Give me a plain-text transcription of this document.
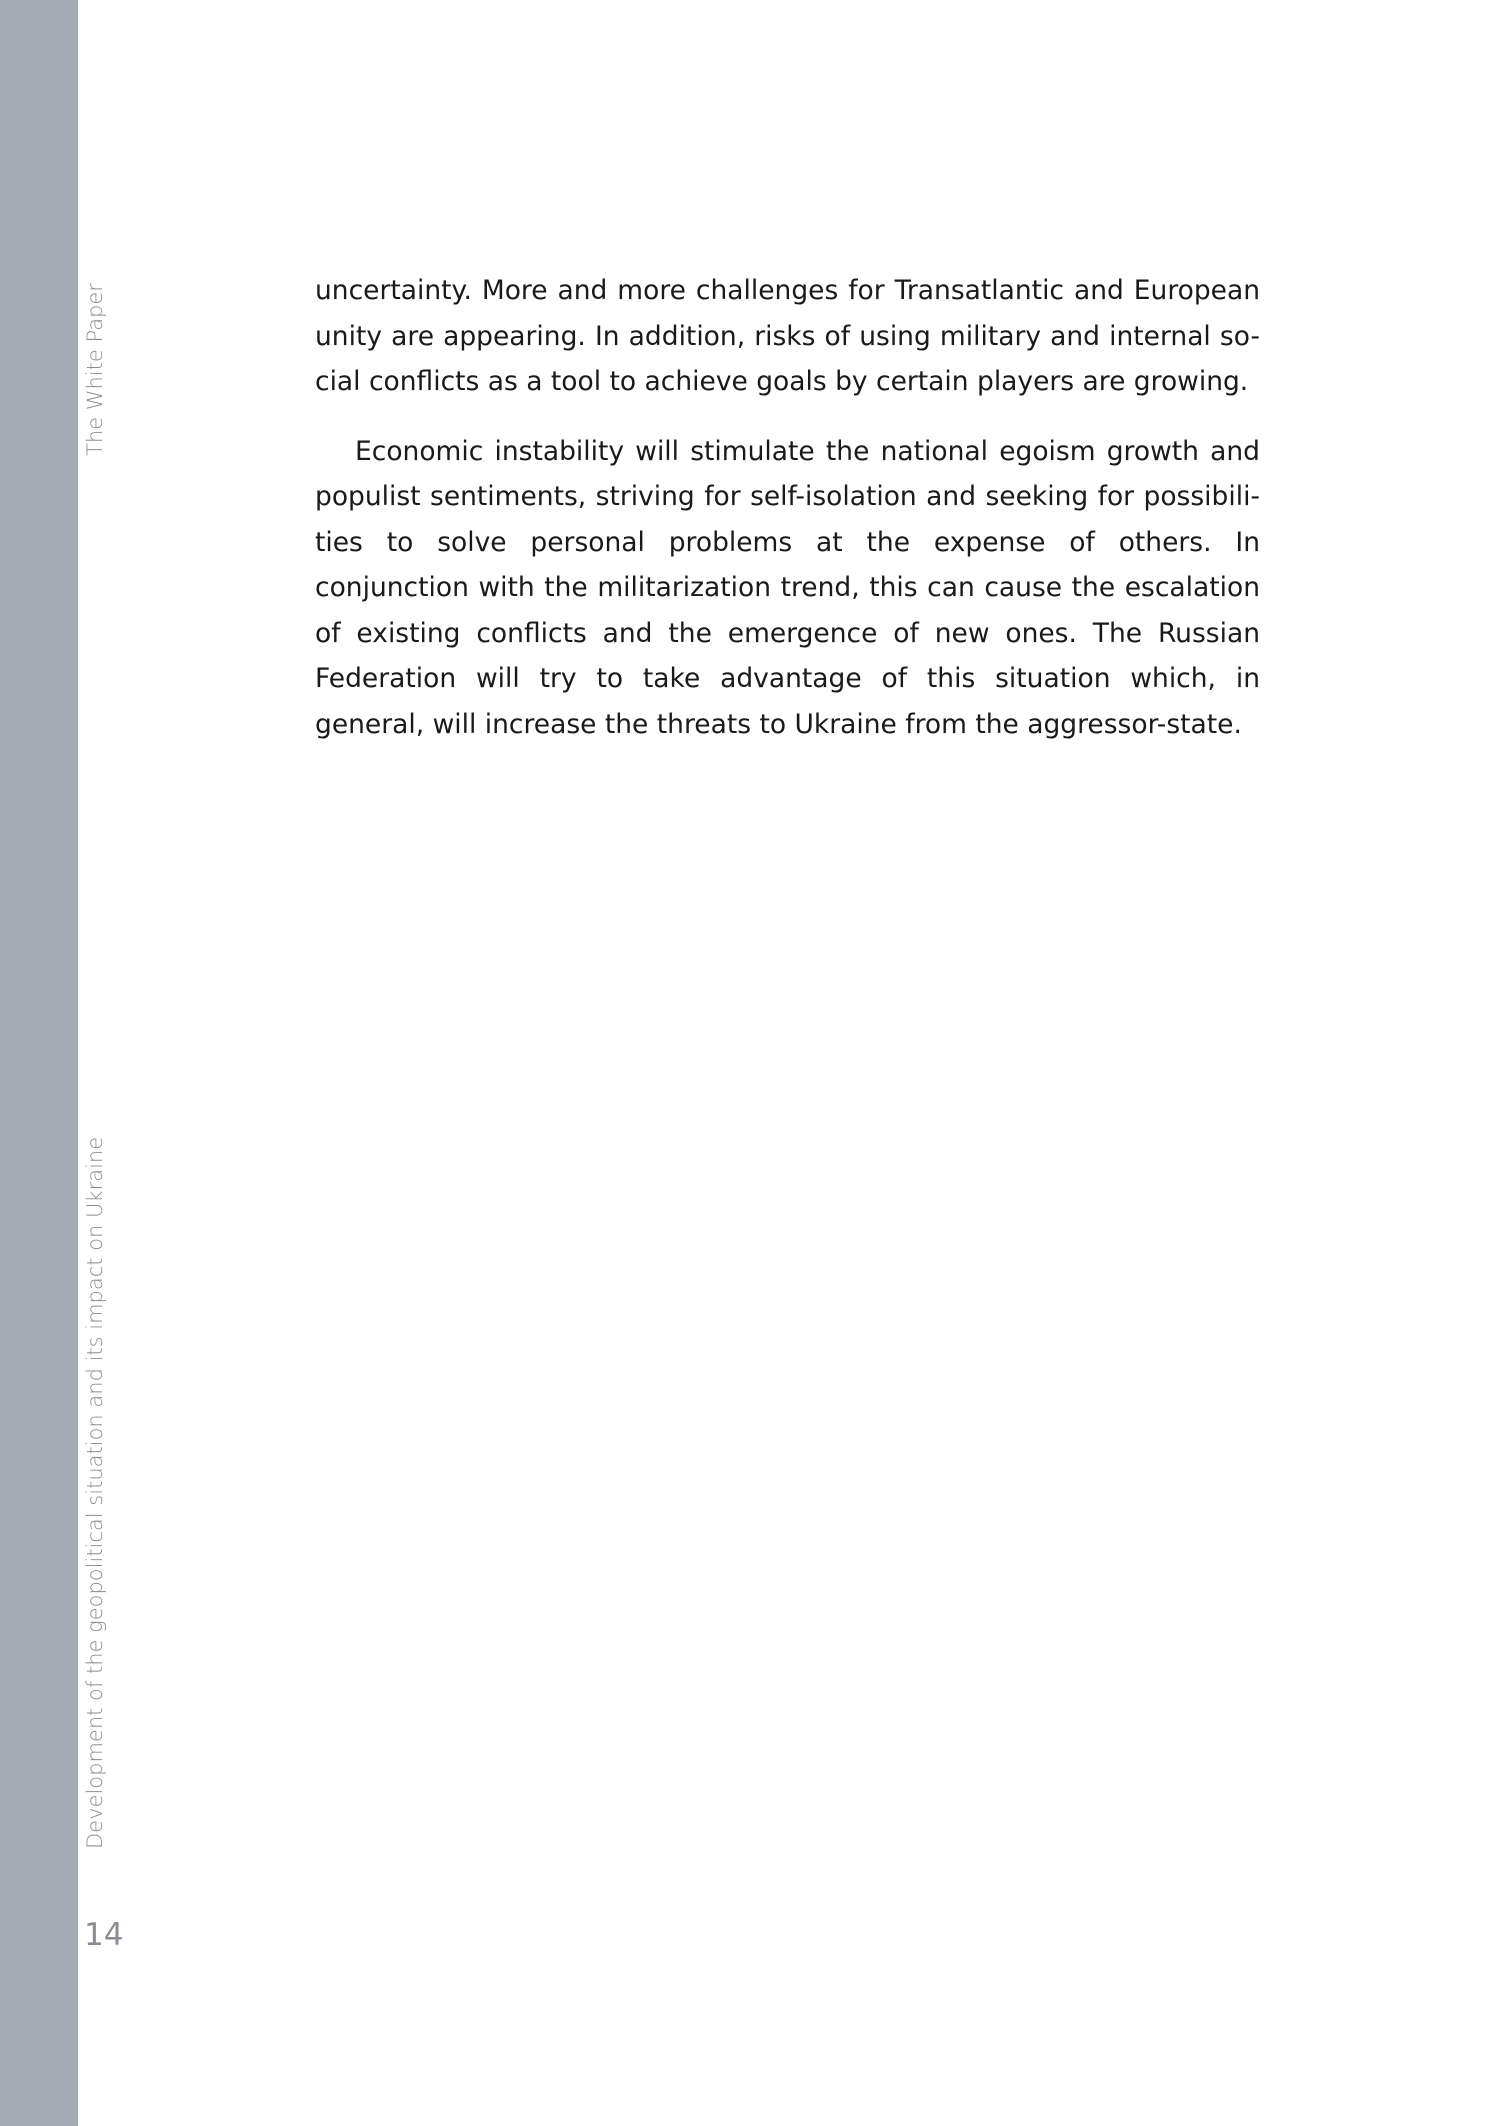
The White Paper
Development of the geopolitical situation and its impact on Ukraine
14

uncertainty. More and more challenges for Transatlantic and European unity are appearing. In addition, risks of using military and internal so-cial conflicts as a tool to achieve goals by certain players are growing.

Economic instability will stimulate the national egoism growth and populist sentiments, striving for self-isolation and seeking for possibili-ties to solve personal problems at the expense of others. In conjunction with the militarization trend, this can cause the escalation of existing conflicts and the emergence of new ones. The Russian Federation will try to take advantage of this situation which, in general, will increase the threats to Ukraine from the aggressor-state.
